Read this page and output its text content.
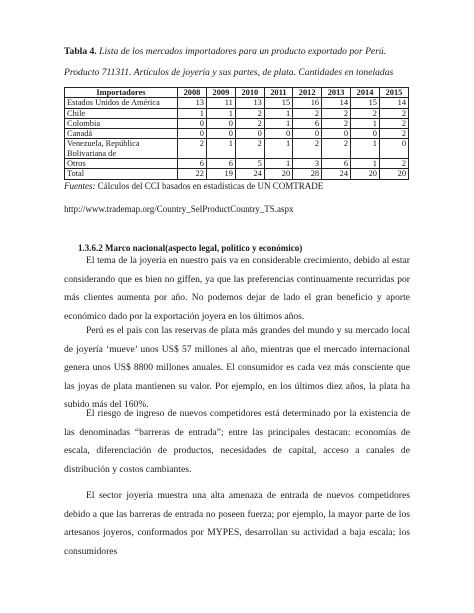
Tabla 4. Lista de los mercados importadores para un producto exportado por Perú.
Producto 711311. Artículos de joyería y sus partes, de plata. Cantidades en toneladas
Importadores	2008	2009	2010	2011	2012	2013	2014	2015
Estados Unidos de América	13	11	13	15	16	14	15	14
Chile	1	1	2	1	2	2	2	2
Colombia	0	0	2	1	6	2	1	2
Canadá	0	0	0	0	0	0	0	2
Venezuela, República Bolivariana de	2	1	2	1	2	2	1	0
Otros	6	6	5	1	3	6	1	2
Total	22	19	24	20	28	24	20	20
Fuentes: Cálculos del CCI basados en estadísticas de UN COMTRADE
http://www.trademap.org/Country_SelProductCountry_TS.aspx
1.3.6.2 Marco nacional(aspecto legal, político y económico)

El tema de la joyería en nuestro país va en considerable crecimiento, debido al estar considerando que es bien no giffen, ya que las preferencias continuamente recurridas por más clientes aumenta por año. No podemos dejar de lado el gran beneficio y aporte económico dado por la exportación joyera en los últimos años.

Perú es el país con las reservas de plata más grandes del mundo y su mercado local de joyería ‘mueve’ unos US$ 57 millones al año, mientras que el mercado internacional genera unos US$ 8800 millones anuales. El consumidor es cada vez más consciente que las joyas de plata mantienen su valor. Por ejemplo, en los últimos diez años, la plata ha subido más del 160%.

El riesgo de ingreso de nuevos competidores está determinado por la existencia de las denominadas “barreras de entrada”; entre las principales destacan: economías de escala, diferenciación de productos, necesidades de capital, acceso a canales de distribución y costos cambiantes.

El sector joyería muestra una alta amenaza de entrada de nuevos competidores debido a que las barreras de entrada no poseen fuerza; por ejemplo, la mayor parte de los artesanos joyeros, conformados por MYPES, desarrollan su actividad a baja escala; los consumidores
